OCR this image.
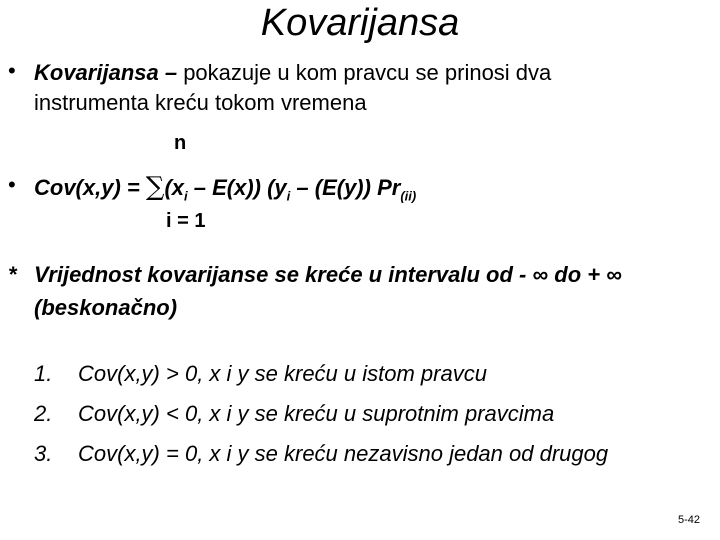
Kovarijansa
• Kovarijansa – pokazuje u kom pravcu se prinosi dva instrumenta kreću tokom vremena
n
• $Cov(x,y) = \sum(x_i - E(x))$ ($y_i - (E(y))$ $Pr_{(ii)}$
i = 1
* Vrijednost kovarijanse se kreće u intervalu od - ∞ do + ∞ (beskonačno)
1. Cov(x,y) > 0, x i y se kreću u istom pravcu
2. Cov(x,y) < 0, x i y se kreću u suprotnim pravcima
3. Cov(x,y) = 0, x i y se kreću nezavisno jedan od drugog
5-42
